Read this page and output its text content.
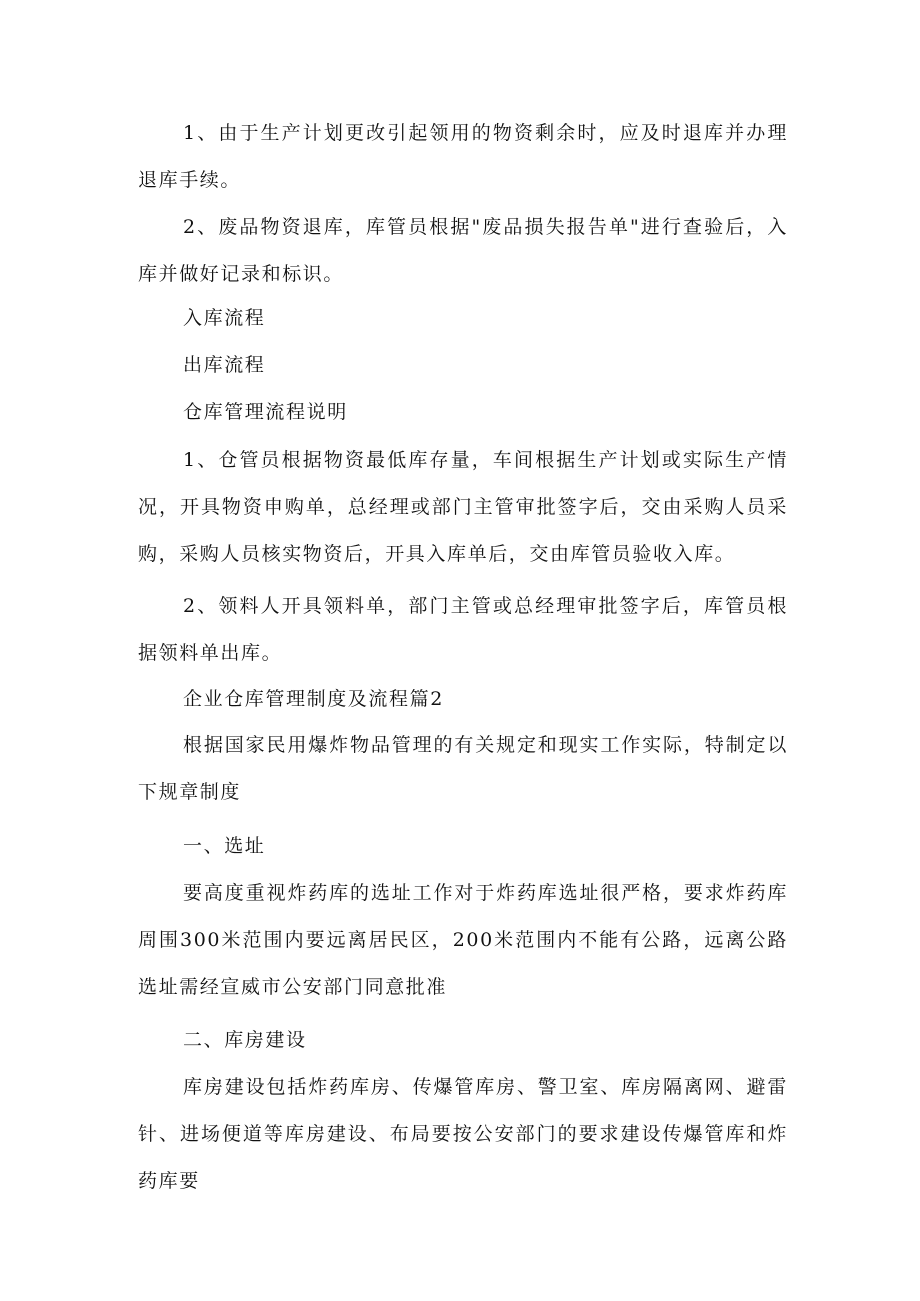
1、由于生产计划更改引起领用的物资剩余时，应及时退库并办理退库手续。

2、废品物资退库，库管员根据"废品损失报告单"进行查验后，入库并做好记录和标识。

入库流程

出库流程

仓库管理流程说明

1、仓管员根据物资最低库存量，车间根据生产计划或实际生产情况，开具物资申购单，总经理或部门主管审批签字后，交由采购人员采购，采购人员核实物资后，开具入库单后，交由库管员验收入库。

2、领料人开具领料单，部门主管或总经理审批签字后，库管员根据领料单出库。

企业仓库管理制度及流程篇2

根据国家民用爆炸物品管理的有关规定和现实工作实际，特制定以下规章制度

一、选址

要高度重视炸药库的选址工作对于炸药库选址很严格，要求炸药库周围300米范围内要远离居民区，200米范围内不能有公路，远离公路选址需经宣威市公安部门同意批准

二、库房建设

库房建设包括炸药库房、传爆管库房、警卫室、库房隔离网、避雷针、进场便道等库房建设、布局要按公安部门的要求建设传爆管库和炸药库要
